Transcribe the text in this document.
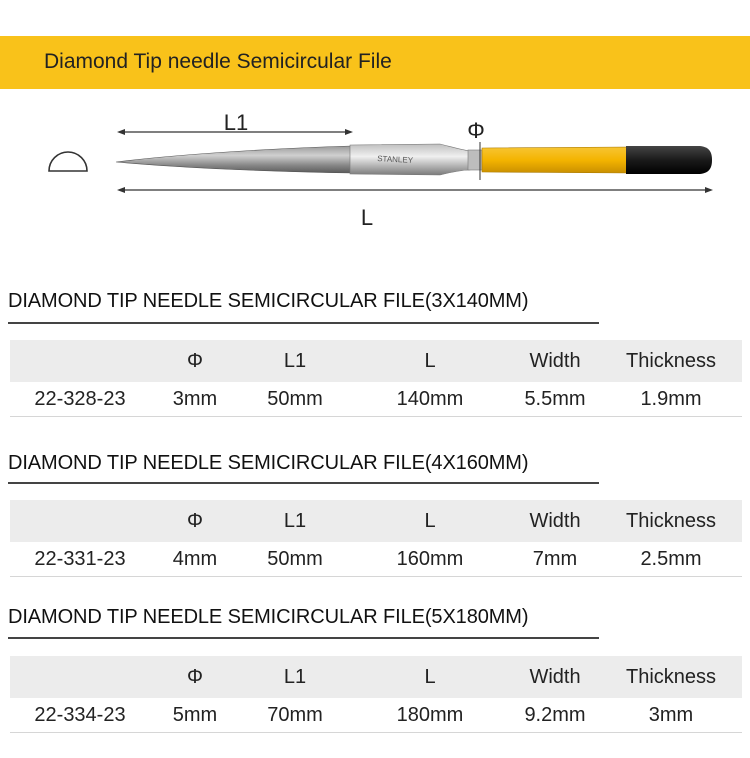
Diamond Tip needle Semicircular File
L1	Φ
STANLEY
L
DIAMOND TIP NEEDLE SEMICIRCULAR FILE(3X140MM)
	Φ	L1	L	Width	Thickness
22-328-23	3mm	50mm	140mm	5.5mm	1.9mm
DIAMOND TIP NEEDLE SEMICIRCULAR FILE(4X160MM)
	Φ	L1	L	Width	Thickness
22-331-23	4mm	50mm	160mm	7mm	2.5mm
DIAMOND TIP NEEDLE SEMICIRCULAR FILE(5X180MM)
	Φ	L1	L	Width	Thickness
22-334-23	5mm	70mm	180mm	9.2mm	3mm
